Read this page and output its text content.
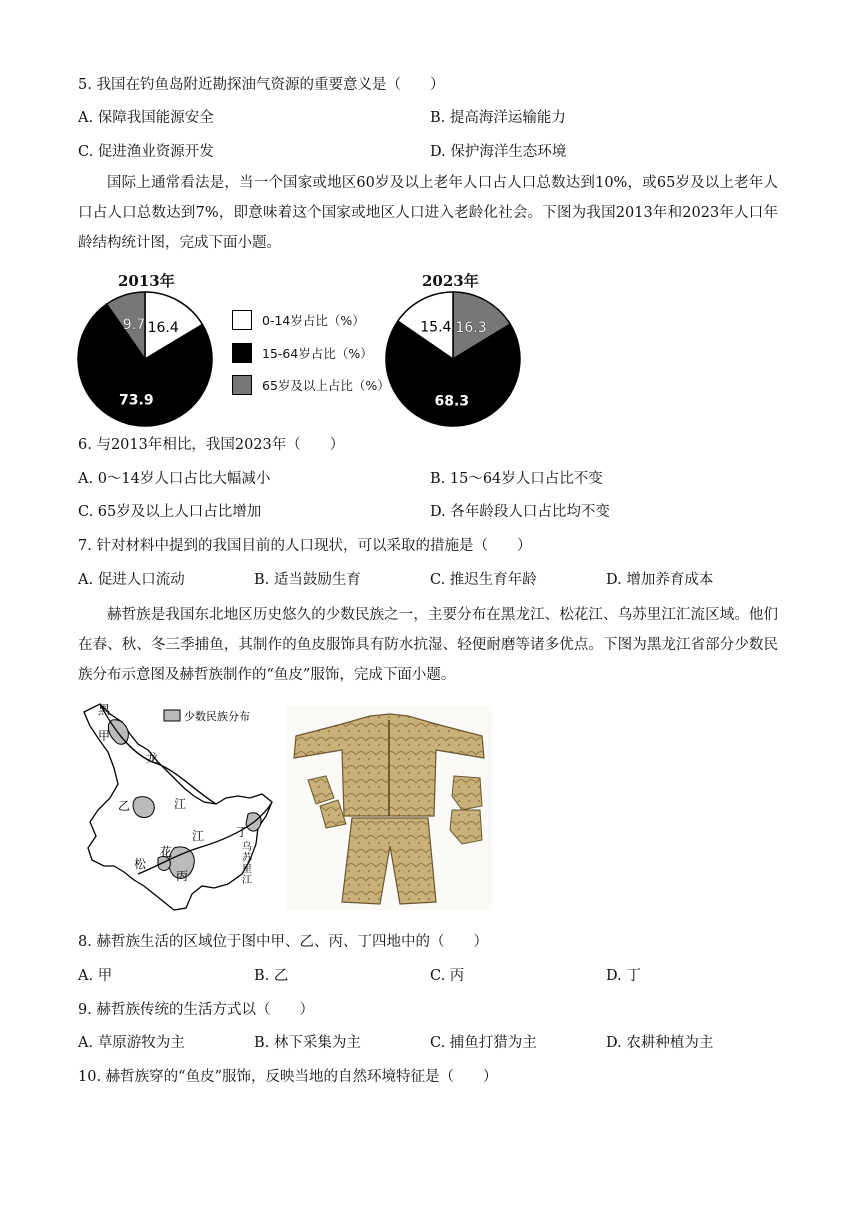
5. 我国在钓鱼岛附近勘探油气资源的重要意义是（　　）
A. 保障我国能源安全	B. 提高海洋运输能力
C. 促进渔业资源开发	D. 保护海洋生态环境
国际上通常看法是，当一个国家或地区60岁及以上老年人口占人口总数达到10%，或65岁及以上老年人口占人口总数达到7%，即意味着这个国家或地区人口进入老龄化社会。下图为我国2013年和2023年人口年龄结构统计图，完成下面小题。
2013年	2023年
16.4
73.9
9.7	16.3
68.3
15.4
0-14岁占比（%）
15-64岁占比（%）
65岁及以上占比（%）
6. 与2013年相比，我国2023年（　　）
A. 0～14岁人口占比大幅减小	B. 15～64岁人口占比不变
C. 65岁及以上人口占比增加	D. 各年龄段人口占比均不变
7. 针对材料中提到的我国目前的人口现状，可以采取的措施是（　　）
A. 促进人口流动	B. 适当鼓励生育	C. 推迟生育年龄	D. 增加养育成本
赫哲族是我国东北地区历史悠久的少数民族之一，主要分布在黑龙江、松花江、乌苏里江汇流区域。他们在春、秋、冬三季捕鱼，其制作的鱼皮服饰具有防水抗湿、轻便耐磨等诸多优点。下图为黑龙江省部分少数民族分布示意图及赫哲族制作的“鱼皮”服饰，完成下面小题。
黑
甲
龙
乙	江
江	丁
花	乌
苏
里
江
松
丙
少数民族分布
8. 赫哲族生活的区域位于图中甲、乙、丙、丁四地中的（　　）
A. 甲	B. 乙	C. 丙	D. 丁
9. 赫哲族传统的生活方式以（　　）
A. 草原游牧为主	B. 林下采集为主	C. 捕鱼打猎为主	D. 农耕种植为主
10. 赫哲族穿的“鱼皮”服饰，反映当地的自然环境特征是（　　）
